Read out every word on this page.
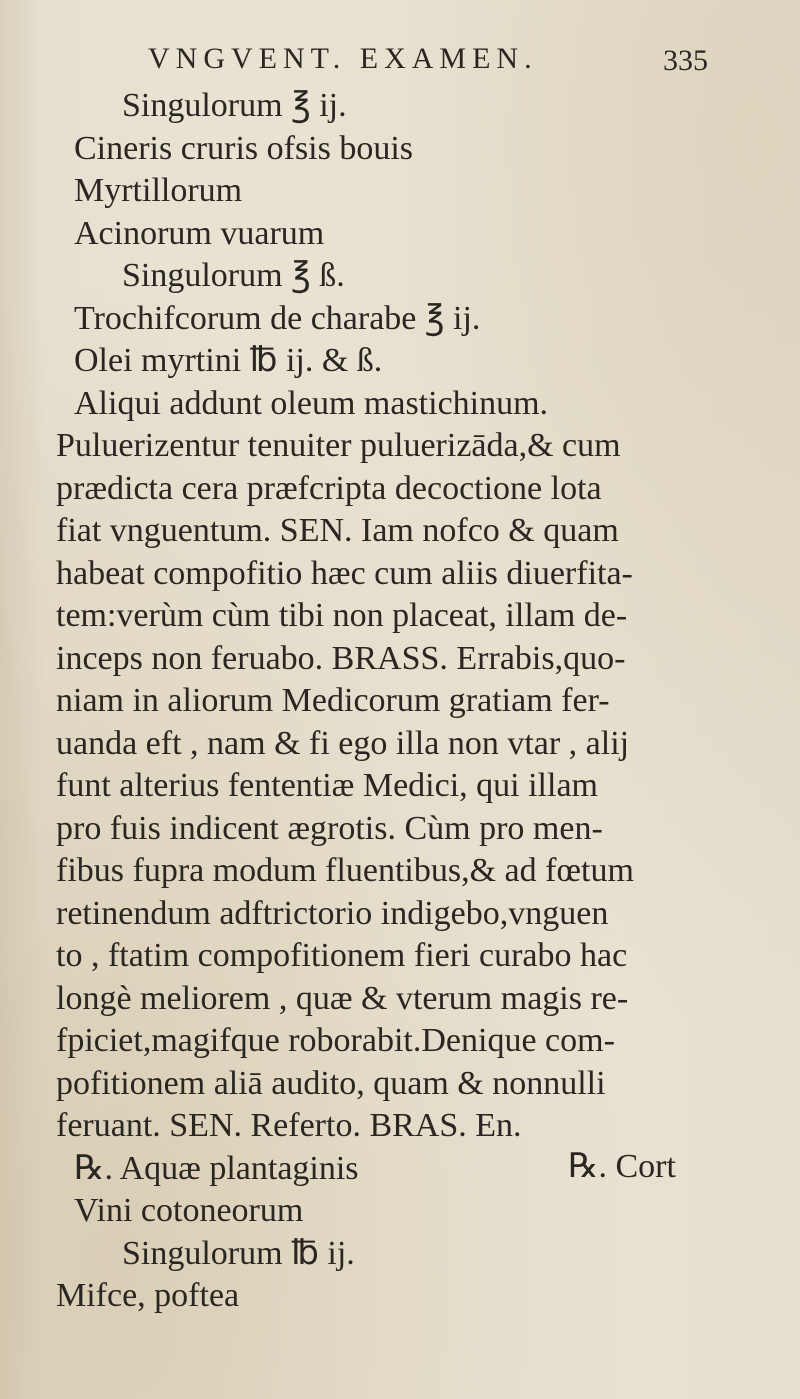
VNGVENT. EXAMEN.	335
Singulorum ℥ ij.
Cineris cruris ofsis bouis
Myrtillorum
Acinorum vuarum
Singulorum ℥ ß.
Trochifcorum de charabe ℥ ij.
Olei myrtini ℔ ij. & ß.
Aliqui addunt oleum mastichinum.
Puluerizentur tenuiter puluerizāda,& cum
prædicta cera præfcripta decoctione lota
fiat vnguentum. SEN. Iam nofco & quam
habeat compofitio hæc cum aliis diuerfita-
tem:verùm cùm tibi non placeat, illam de-
inceps non feruabo. BRASS. Errabis,quo-
niam in aliorum Medicorum gratiam fer-
uanda eft , nam & fi ego illa non vtar , alij
funt alterius fententiæ Medici, qui illam
pro fuis indicent ægrotis. Cùm pro men-
fibus fupra modum fluentibus,& ad fœtum
retinendum adftrictorio indigebo,vnguen
to , ftatim compofitionem fieri curabo hac
longè meliorem , quæ & vterum magis re-
fpiciet,magifque roborabit.Denique com-
pofitionem aliā audito, quam & nonnulli
feruant. SEN. Referto. BRAS. En.
℞. Aquæ plantaginis
Vini cotoneorum
Singulorum ℔ ij.
Mifce, poftea
℞. Cort
